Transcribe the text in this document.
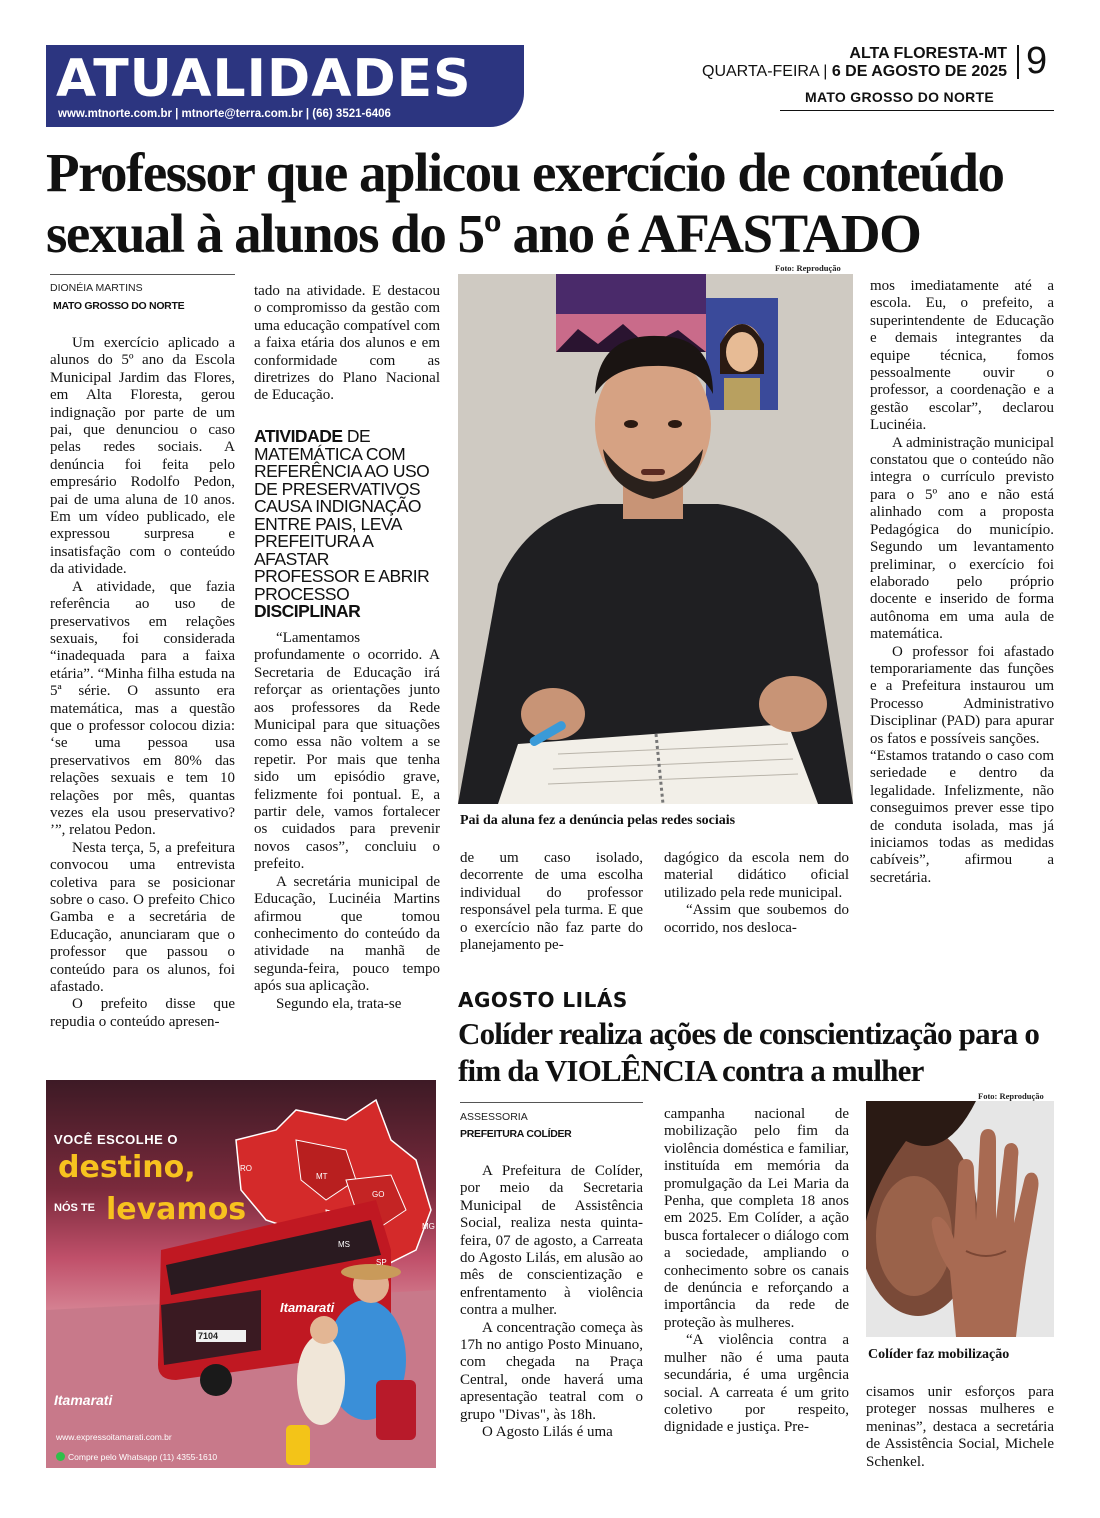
ATUALIDADES
www.mtnorte.com.br | mtnorte@terra.com.br | (66) 3521-6406
ALTA FLORESTA-MT
QUARTA-FEIRA | 6 DE AGOSTO DE 2025 9
MATO GROSSO DO NORTE
Professor que aplicou exercício de conteúdo sexual à alunos do 5º ano é AFASTADO
DIONÉIA MARTINS
MATO GROSSO DO NORTE

Um exercício aplicado a alunos do 5º ano da Escola Municipal Jardim das Flores, em Alta Floresta, gerou indignação por parte de um pai, que denunciou o caso pelas redes sociais. A denúncia foi feita pelo empresário Rodolfo Pedon, pai de uma aluna de 10 anos. Em um vídeo publicado, ele expressou surpresa e insatisfação com o conteúdo da atividade.

A atividade, que fazia referência ao uso de preservativos em relações sexuais, foi considerada “inadequada para a faixa etária”. “Minha filha estuda na 5ª série. O assunto era matemática, mas a questão que o professor colocou dizia: ‘se uma pessoa usa preservativos em 80% das relações sexuais e tem 10 relações por mês, quantas vezes ela usou preservativo? ’”, relatou Pedon.

Nesta terça, 5, a prefeitura convocou uma entrevista coletiva para se posicionar sobre o caso. O prefeito Chico Gamba e a secretária de Educação, anunciaram que o professor que passou o conteúdo para os alunos, foi afastado.

O prefeito disse que repudia o conteúdo apresen-

tado na atividade. E destacou o compromisso da gestão com uma educação compatível com a faixa etária dos alunos e em conformidade com as diretrizes do Plano Nacional de Educação.

ATIVIDADE DE MATEMÁTICA COM REFERÊNCIA AO USO DE PRESERVATIVOS CAUSA INDIGNAÇÃO ENTRE PAIS, LEVA PREFEITURA A AFASTAR PROFESSOR E ABRIR PROCESSO DISCIPLINAR

“Lamentamos profundamente o ocorrido. A Secretaria de Educação irá reforçar as orientações junto aos professores da Rede Municipal para que situações como essa não voltem a se repetir. Por mais que tenha sido um episódio grave, felizmente foi pontual. E, a partir dele, vamos fortalecer os cuidados para prevenir novos casos”, concluiu o prefeito.

A secretária municipal de Educação, Lucinéia Martins afirmou que tomou conhecimento do conteúdo da atividade na manhã de segunda-feira, pouco tempo após sua aplicação.

Segundo ela, trata-se

Foto: Reprodução
Pai da aluna fez a denúncia pelas redes sociais

de um caso isolado, decorrente de uma escolha individual do professor responsável pela turma. E que o exercício não faz parte do planejamento pe-

dagógico da escola nem do material didático oficial utilizado pela rede municipal.

“Assim que soubemos do ocorrido, nos desloca-

mos imediatamente até a escola. Eu, o prefeito, a superintendente de Educação e demais integrantes da equipe técnica, fomos pessoalmente ouvir o professor, a coordenação e a gestão escolar”, declarou Lucinéia.

A administração municipal constatou que o conteúdo não integra o currículo previsto para o 5º ano e não está alinhado com a proposta Pedagógica do município. Segundo um levantamento preliminar, o exercício foi elaborado pelo próprio docente e inserido de forma autônoma em uma aula de matemática.

O professor foi afastado temporariamente das funções e a Prefeitura instaurou um Processo Administrativo Disciplinar (PAD) para apurar os fatos e possíveis sanções.

“Estamos tratando o caso com seriedade e dentro da legalidade. Infelizmente, não conseguimos prever esse tipo de conduta isolada, mas já iniciamos todas as medidas cabíveis”, afirmou a secretária.

VOCÊ ESCOLHE O
destino,
NÓS TE levamos
RO
MT
GO
MG
MS
SP
Itamarati
7104
Itamarati
www.expressoitamarati.com.br
Compre pelo Whatsapp (11) 4355-1610
AGOSTO LILÁS
Colíder realiza ações de conscientização para o fim da VIOLÊNCIA contra a mulher
ASSESSORIA
PREFEITURA COLÍDER

A Prefeitura de Colíder, por meio da Secretaria Municipal de Assistência Social, realiza nesta quinta-feira, 07 de agosto, a Carreata do Agosto Lilás, em alusão ao mês de conscientização e enfrentamento à violência contra a mulher.

A concentração começa às 17h no antigo Posto Minuano, com chegada na Praça Central, onde haverá uma apresentação teatral com o grupo "Divas", às 18h.

O Agosto Lilás é uma

campanha nacional de mobilização pelo fim da violência doméstica e familiar, instituída em memória da promulgação da Lei Maria da Penha, que completa 18 anos em 2025. Em Colíder, a ação busca fortalecer o diálogo com a sociedade, ampliando o conhecimento sobre os canais de denúncia e reforçando a importância da rede de proteção às mulheres.

“A violência contra a mulher não é uma pauta secundária, é uma urgência social. A carreata é um grito coletivo por respeito, dignidade e justiça. Pre-

Foto: Reprodução
Colíder faz mobilização

cisamos unir esforços para proteger nossas mulheres e meninas”, destaca a secretária de Assistência Social, Michele Schenkel.
